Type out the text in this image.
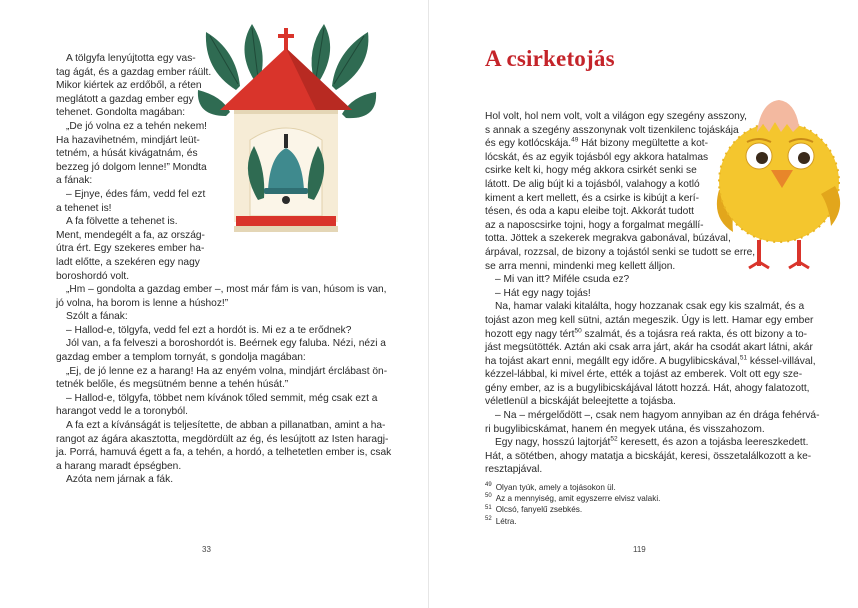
A tölgyfa lenyújtotta egy vas-
tag ágát, és a gazdag ember ráült.
Mikor kiértek az erdőből, a réten
meglátott a gazdag ember egy
tehenet. Gondolta magában:
„De jó volna ez a tehén nekem!
Ha hazavihetném, mindjárt leüt-
tetném, a húsát kivágatnám, és
bezzeg jó dolgom lenne!” Mondta
a fának:
– Ejnye, édes fám, vedd fel ezt
a tehenet is!
A fa fölvette a tehenet is.
Ment, mendegélt a fa, az ország-
útra ért. Egy szekeres ember ha-
ladt előtte, a szekéren egy nagy
boroshordó volt.
„Hm – gondolta a gazdag ember –, most már fám is van, húsom is van,
jó volna, ha borom is lenne a húshoz!”
Szólt a fának:
– Hallod-e, tölgyfa, vedd fel ezt a hordót is. Mi ez a te erődnek?
Jól van, a fa felveszi a boroshordót is. Beérnek egy faluba. Nézi, nézi a
gazdag ember a templom tornyát, s gondolja magában:
„Ej, de jó lenne ez a harang! Ha az enyém volna, mindjárt érclábast ön-
tetnék belőle, és megsütném benne a tehén húsát.”
– Hallod-e, tölgyfa, többet nem kívánok tőled semmit, még csak ezt a
harangot vedd le a toronyból.
A fa ezt a kívánságát is teljesítette, de abban a pillanatban, amint a ha-
rangot az ágára akasztotta, megdördült az ég, és lesújtott az Isten haragj-
ja. Porrá, hamuvá égett a fa, a tehén, a hordó, a telhetetlen ember is, csak
a harang maradt épségben.
Azóta nem járnak a fák.

33
A csirketojás

Hol volt, hol nem volt, volt a világon egy szegény asszony,
s annak a szegény asszonynak volt tizenkilenc tojáskája
és egy kotlócskája.$^{49}$ Hát bizony megültette a kot-
lócskát, és az egyik tojásból egy akkora hatalmas
csirke kelt ki, hogy még akkora csirkét senki se
látott. De alig bújt ki a tojásból, valahogy a kotló
kiment a kert mellett, és a csirke is kibújt a kerí-
tésen, és oda a kapu eleibe tojt. Akkorát tudott
az a naposcsirke tojni, hogy a forgalmat megállí-
totta. Jöttek a szekerek megrakva gabonával, búzával,
árpával, rozzsal, de bizony a tojástól senki se tudott se erre,
se arra menni, mindenki meg kellett álljon.
– Mi van itt? Miféle csuda ez?
– Hát egy nagy tojás!
Na, hamar valaki kitalálta, hogy hozzanak csak egy kis szalmát, és a
tojást azon meg kell sütni, aztán megeszik. Úgy is lett. Hamar egy ember
hozott egy nagy tért$^{50}$ szalmát, és a tojásra reá rakta, és ott bizony a to-
jást megsütötték. Aztán aki csak arra járt, akár ha csodát akart látni, akár
ha tojást akart enni, megállt egy időre. A bugylibicskával,$^{51}$ késsel-villával,
kézzel-lábbal, ki mivel érte, ették a tojást az emberek. Volt ott egy sze-
gény ember, az is a bugylibicskájával látott hozzá. Hát, ahogy falatozott,
véletlenül a bicskáját beleejtette a tojásba.
– Na – mérgelődött –, csak nem hagyom annyiban az én drága fehérvá-
ri bugylibicskámat, hanem én megyek utána, és visszahozom.
Egy nagy, hosszú lajtorját$^{52}$ keresett, és azon a tojásba leereszkedett.
Hát, a sötétben, ahogy matatja a bicskáját, keresi, összetalálkozott a ke-
resztapjával.

$^{49}$ Olyan tyúk, amely a tojásokon ül.
$^{50}$ Az a mennyiség, amit egyszerre elvisz valaki.
$^{51}$ Olcsó, fanyelű zsebkés.
$^{52}$ Létra.
119
